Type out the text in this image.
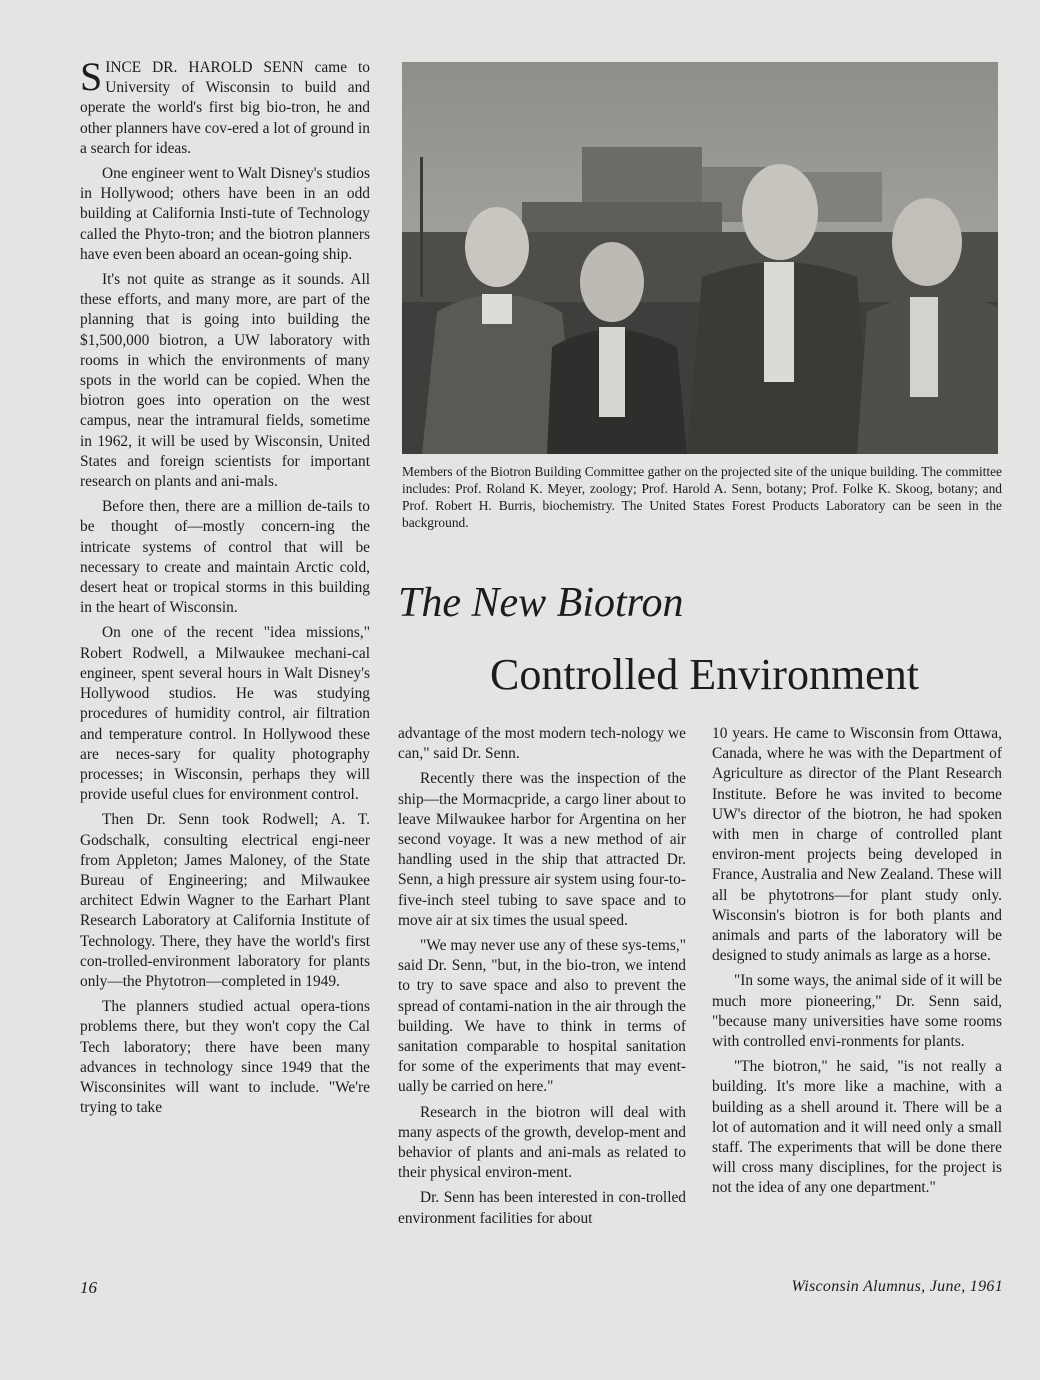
SINCE DR. HAROLD SENN came to University of Wisconsin to build and operate the world's first big bio-tron, he and other planners have cov-ered a lot of ground in a search for ideas.

One engineer went to Walt Disney's studios in Hollywood; others have been in an odd building at California Insti-tute of Technology called the Phyto-tron; and the biotron planners have even been aboard an ocean-going ship.

It's not quite as strange as it sounds. All these efforts, and many more, are part of the planning that is going into building the $1,500,000 biotron, a UW laboratory with rooms in which the environments of many spots in the world can be copied. When the biotron goes into operation on the west campus, near the intramural fields, sometime in 1962, it will be used by Wisconsin, United States and foreign scientists for important research on plants and ani-mals.

Before then, there are a million de-tails to be thought of—mostly concern-ing the intricate systems of control that will be necessary to create and maintain Arctic cold, desert heat or tropical storms in this building in the heart of Wisconsin.

On one of the recent "idea missions," Robert Rodwell, a Milwaukee mechani-cal engineer, spent several hours in Walt Disney's Hollywood studios. He was studying procedures of humidity control, air filtration and temperature control. In Hollywood these are neces-sary for quality photography processes; in Wisconsin, perhaps they will provide useful clues for environment control.

Then Dr. Senn took Rodwell; A. T. Godschalk, consulting electrical engi-neer from Appleton; James Maloney, of the State Bureau of Engineering; and Milwaukee architect Edwin Wagner to the Earhart Plant Research Laboratory at California Institute of Technology. There, they have the world's first con-trolled-environment laboratory for plants only—the Phytotron—completed in 1949.

The planners studied actual opera-tions problems there, but they won't copy the Cal Tech laboratory; there have been many advances in technology since 1949 that the Wisconsinites will want to include. "We're trying to take

Members of the Biotron Building Committee gather on the projected site of the unique building. The committee includes: Prof. Roland K. Meyer, zoology; Prof. Harold A. Senn, botany; Prof. Folke K. Skoog, botany; and Prof. Robert H. Burris, biochemistry. The United States Forest Products Laboratory can be seen in the background.
The New Biotron
Controlled Environment

advantage of the most modern tech-nology we can," said Dr. Senn.

Recently there was the inspection of the ship—the Mormacpride, a cargo liner about to leave Milwaukee harbor for Argentina on her second voyage. It was a new method of air handling used in the ship that attracted Dr. Senn, a high pressure air system using four-to-five-inch steel tubing to save space and to move air at six times the usual speed.

"We may never use any of these sys-tems," said Dr. Senn, "but, in the bio-tron, we intend to try to save space and also to prevent the spread of contami-nation in the air through the building. We have to think in terms of sanitation comparable to hospital sanitation for some of the experiments that may event-ually be carried on here."

Research in the biotron will deal with many aspects of the growth, develop-ment and behavior of plants and ani-mals as related to their physical environ-ment.

Dr. Senn has been interested in con-trolled environment facilities for about

10 years. He came to Wisconsin from Ottawa, Canada, where he was with the Department of Agriculture as director of the Plant Research Institute. Before he was invited to become UW's director of the biotron, he had spoken with men in charge of controlled plant environ-ment projects being developed in France, Australia and New Zealand. These will all be phytotrons—for plant study only. Wisconsin's biotron is for both plants and animals and parts of the laboratory will be designed to study animals as large as a horse.

"In some ways, the animal side of it will be much more pioneering," Dr. Senn said, "because many universities have some rooms with controlled envi-ronments for plants.

"The biotron," he said, "is not really a building. It's more like a machine, with a building as a shell around it. There will be a lot of automation and it will need only a small staff. The experiments that will be done there will cross many disciplines, for the project is not the idea of any one department."

16	Wisconsin Alumnus, June, 1961
